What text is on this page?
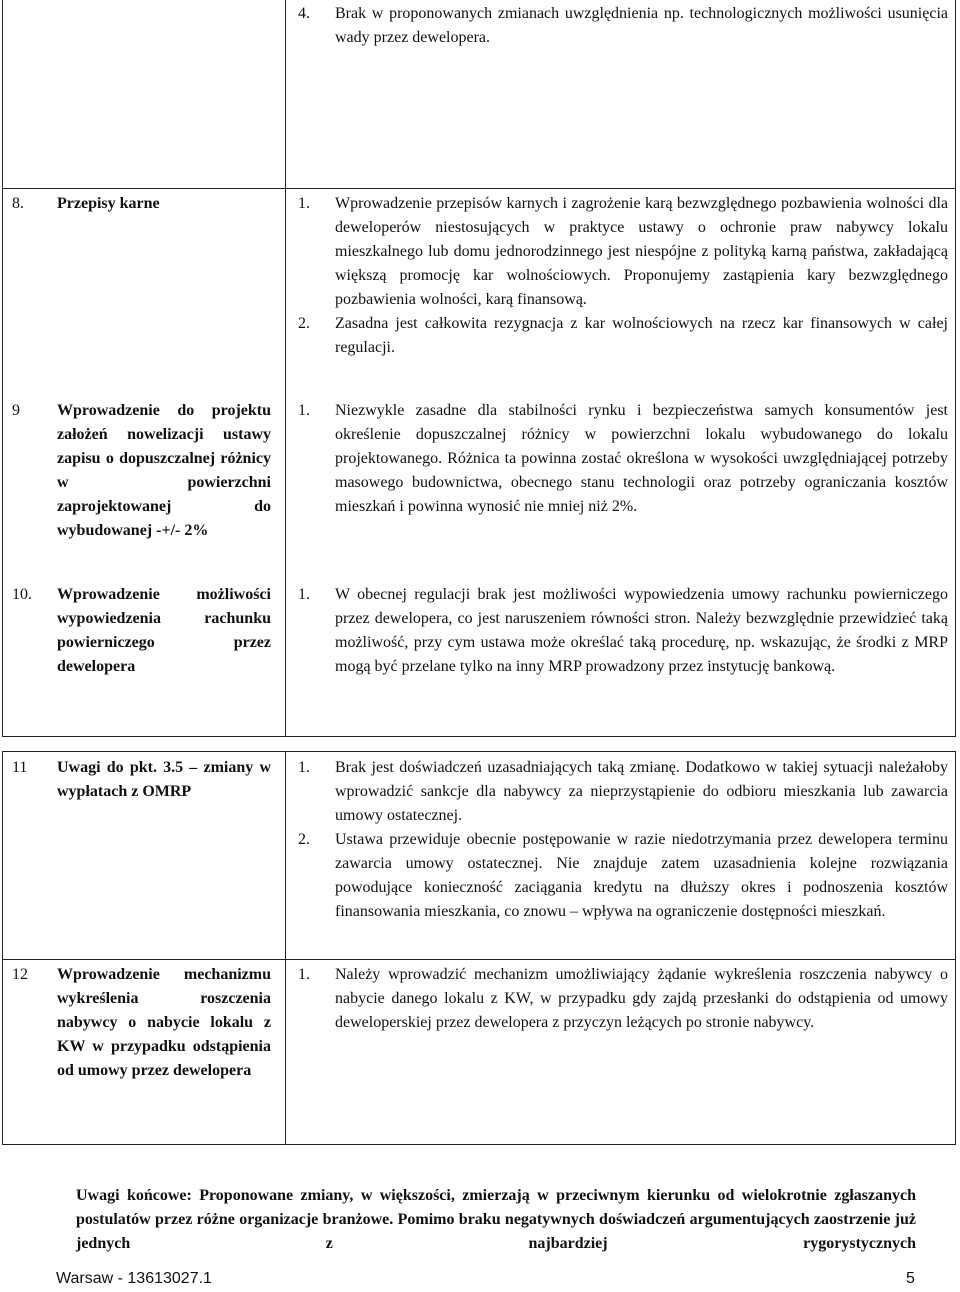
4. Brak w proponowanych zmianach uwzględnienia np. technologicznych możliwości usunięcia wady przez dewelopera.

8. Przepisy karne	1. Wprowadzenie przepisów karnych i zagrożenie karą bezwzględnego pozbawienia wolności dla deweloperów niestosujących w praktyce ustawy o ochronie praw nabywcy lokalu mieszkalnego lub domu jednorodzinnego jest niespójne z polityką karną państwa, zakładającą większą promocję kar wolnościowych. Proponujemy zastąpienia kary bezwzględnego pozbawienia wolności, karą finansową.

2. Zasadna jest całkowita rezygnacja z kar wolnościowych na rzecz kar finansowych w całej regulacji.

9 Wprowadzenie do projektu założeń nowelizacji ustawy zapisu o dopuszczalnej różnicy w powierzchni zaprojektowanej do wybudowanej -+/- 2%

1. Niezwykle zasadne dla stabilności rynku i bezpieczeństwa samych konsumentów jest określenie dopuszczalnej różnicy w powierzchni lokalu wybudowanego do lokalu projektowanego. Różnica ta powinna zostać określona w wysokości uwzględniającej potrzeby masowego budownictwa, obecnego stanu technologii oraz potrzeby ograniczania kosztów mieszkań i powinna wynosić nie mniej niż 2%.

10. Wprowadzenie możliwości wypowiedzenia rachunku powierniczego przez dewelopera

1. W obecnej regulacji brak jest możliwości wypowiedzenia umowy rachunku powierniczego przez dewelopera, co jest naruszeniem równości stron. Należy bezwzględnie przewidzieć taką możliwość, przy cym ustawa może określać taką procedurę, np. wskazując, że środki z MRP mogą być przelane tylko na inny MRP prowadzony przez instytucję bankową.

11 Uwagi do pkt. 3.5 – zmiany w wypłatach z OMRP

1. Brak jest doświadczeń uzasadniających taką zmianę. Dodatkowo w takiej sytuacji należałoby wprowadzić sankcje dla nabywcy za nieprzystąpienie do odbioru mieszkania lub zawarcia umowy ostatecznej.

2. Ustawa przewiduje obecnie postępowanie w razie niedotrzymania przez dewelopera terminu zawarcia umowy ostatecznej. Nie znajduje zatem uzasadnienia kolejne rozwiązania powodujące konieczność zaciągania kredytu na dłuższy okres i podnoszenia kosztów finansowania mieszkania, co znowu – wpływa na ograniczenie dostępności mieszkań.

12 Wprowadzenie mechanizmu wykreślenia roszczenia nabywcy o nabycie lokalu z KW w przypadku odstąpienia od umowy przez dewelopera

1. Należy wprowadzić mechanizm umożliwiający żądanie wykreślenia roszczenia nabywcy o nabycie danego lokalu z KW, w przypadku gdy zajdą przesłanki do odstąpienia od umowy deweloperskiej przez dewelopera z przyczyn leżących po stronie nabywcy.

Uwagi końcowe: Proponowane zmiany, w większości, zmierzają w przeciwnym kierunku od wielokrotnie zgłaszanych postulatów przez różne organizacje branżowe. Pomimo braku negatywnych doświadczeń argumentujących zaostrzenie już jednych z najbardziej rygorystycznych
Warsaw - 13613027.1	5
